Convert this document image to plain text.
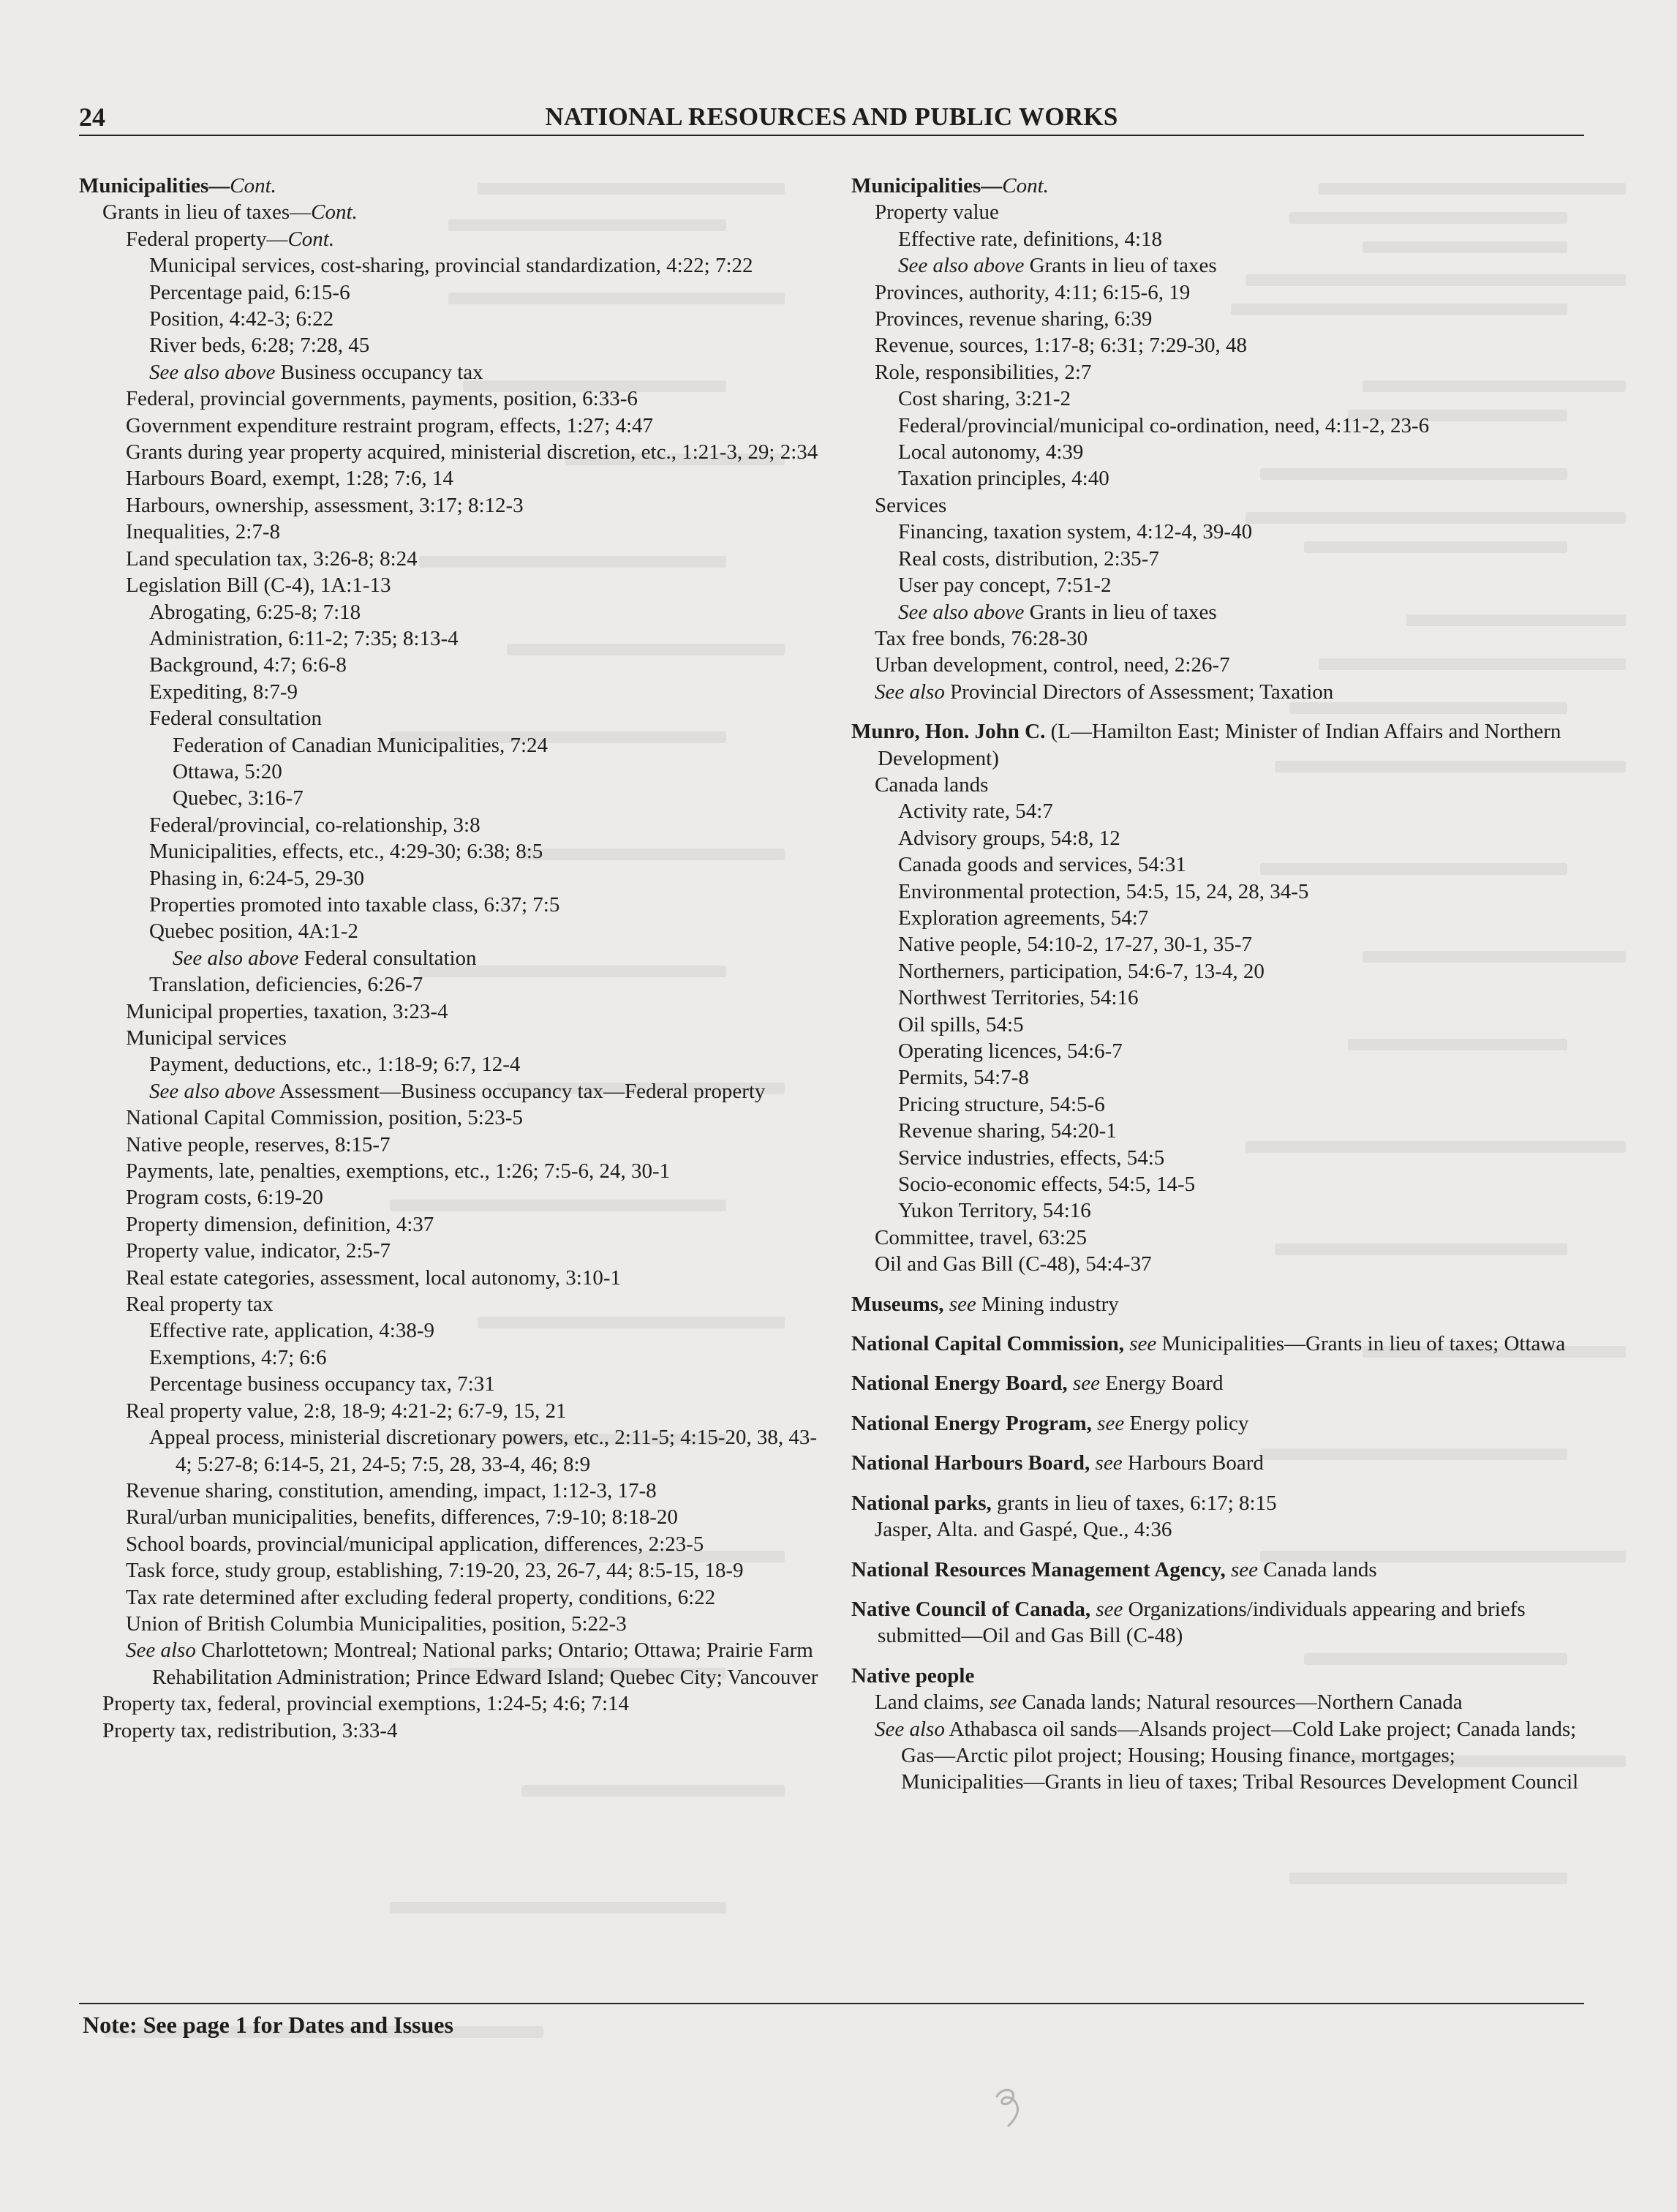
24	NATIONAL RESOURCES AND PUBLIC WORKS
Municipalities—Cont.
Grants in lieu of taxes—Cont.
Federal property—Cont.
Municipal services, cost-sharing, provincial standardization, 4:22; 7:22
Percentage paid, 6:15-6
Position, 4:42-3; 6:22
River beds, 6:28; 7:28, 45
See also above Business occupancy tax
Federal, provincial governments, payments, position, 6:33-6
Government expenditure restraint program, effects, 1:27; 4:47
Grants during year property acquired, ministerial discretion, etc., 1:21-3, 29; 2:34
Harbours Board, exempt, 1:28; 7:6, 14
Harbours, ownership, assessment, 3:17; 8:12-3
Inequalities, 2:7-8
Land speculation tax, 3:26-8; 8:24
Legislation Bill (C-4), 1A:1-13
Abrogating, 6:25-8; 7:18
Administration, 6:11-2; 7:35; 8:13-4
Background, 4:7; 6:6-8
Expediting, 8:7-9
Federal consultation
Federation of Canadian Municipalities, 7:24
Ottawa, 5:20
Quebec, 3:16-7
Federal/provincial, co-relationship, 3:8
Municipalities, effects, etc., 4:29-30; 6:38; 8:5
Phasing in, 6:24-5, 29-30
Properties promoted into taxable class, 6:37; 7:5
Quebec position, 4A:1-2
See also above Federal consultation
Translation, deficiencies, 6:26-7
Municipal properties, taxation, 3:23-4
Municipal services
Payment, deductions, etc., 1:18-9; 6:7, 12-4
See also above Assessment—Business occupancy tax—Federal property
National Capital Commission, position, 5:23-5
Native people, reserves, 8:15-7
Payments, late, penalties, exemptions, etc., 1:26; 7:5-6, 24, 30-1
Program costs, 6:19-20
Property dimension, definition, 4:37
Property value, indicator, 2:5-7
Real estate categories, assessment, local autonomy, 3:10-1
Real property tax
Effective rate, application, 4:38-9
Exemptions, 4:7; 6:6
Percentage business occupancy tax, 7:31
Real property value, 2:8, 18-9; 4:21-2; 6:7-9, 15, 21
Appeal process, ministerial discretionary powers, etc., 2:11-5; 4:15-20, 38, 43-4; 5:27-8; 6:14-5, 21, 24-5; 7:5, 28, 33-4, 46; 8:9
Revenue sharing, constitution, amending, impact, 1:12-3, 17-8
Rural/urban municipalities, benefits, differences, 7:9-10; 8:18-20
School boards, provincial/municipal application, differences, 2:23-5
Task force, study group, establishing, 7:19-20, 23, 26-7, 44; 8:5-15, 18-9
Tax rate determined after excluding federal property, conditions, 6:22
Union of British Columbia Municipalities, position, 5:22-3
See also Charlottetown; Montreal; National parks; Ontario; Ottawa; Prairie Farm Rehabilitation Administration; Prince Edward Island; Quebec City; Vancouver
Property tax, federal, provincial exemptions, 1:24-5; 4:6; 7:14
Property tax, redistribution, 3:33-4
Municipalities—Cont.
Property value
Effective rate, definitions, 4:18
See also above Grants in lieu of taxes
Provinces, authority, 4:11; 6:15-6, 19
Provinces, revenue sharing, 6:39
Revenue, sources, 1:17-8; 6:31; 7:29-30, 48
Role, responsibilities, 2:7
Cost sharing, 3:21-2
Federal/provincial/municipal co-ordination, need, 4:11-2, 23-6
Local autonomy, 4:39
Taxation principles, 4:40
Services
Financing, taxation system, 4:12-4, 39-40
Real costs, distribution, 2:35-7
User pay concept, 7:51-2
See also above Grants in lieu of taxes
Tax free bonds, 76:28-30
Urban development, control, need, 2:26-7
See also Provincial Directors of Assessment; Taxation
Munro, Hon. John C. (L—Hamilton East; Minister of Indian Affairs and Northern Development)
Canada lands
Activity rate, 54:7
Advisory groups, 54:8, 12
Canada goods and services, 54:31
Environmental protection, 54:5, 15, 24, 28, 34-5
Exploration agreements, 54:7
Native people, 54:10-2, 17-27, 30-1, 35-7
Northerners, participation, 54:6-7, 13-4, 20
Northwest Territories, 54:16
Oil spills, 54:5
Operating licences, 54:6-7
Permits, 54:7-8
Pricing structure, 54:5-6
Revenue sharing, 54:20-1
Service industries, effects, 54:5
Socio-economic effects, 54:5, 14-5
Yukon Territory, 54:16
Committee, travel, 63:25
Oil and Gas Bill (C-48), 54:4-37
Museums, see Mining industry
National Capital Commission, see Municipalities—Grants in lieu of taxes; Ottawa
National Energy Board, see Energy Board
National Energy Program, see Energy policy
National Harbours Board, see Harbours Board
National parks, grants in lieu of taxes, 6:17; 8:15
Jasper, Alta. and Gaspé, Que., 4:36
National Resources Management Agency, see Canada lands
Native Council of Canada, see Organizations/individuals appearing and briefs submitted—Oil and Gas Bill (C-48)
Native people
Land claims, see Canada lands; Natural resources—Northern Canada
See also Athabasca oil sands—Alsands project—Cold Lake project; Canada lands; Gas—Arctic pilot project; Housing; Housing finance, mortgages; Municipalities—Grants in lieu of taxes; Tribal Resources Development Council
Note: See page 1 for Dates and Issues
